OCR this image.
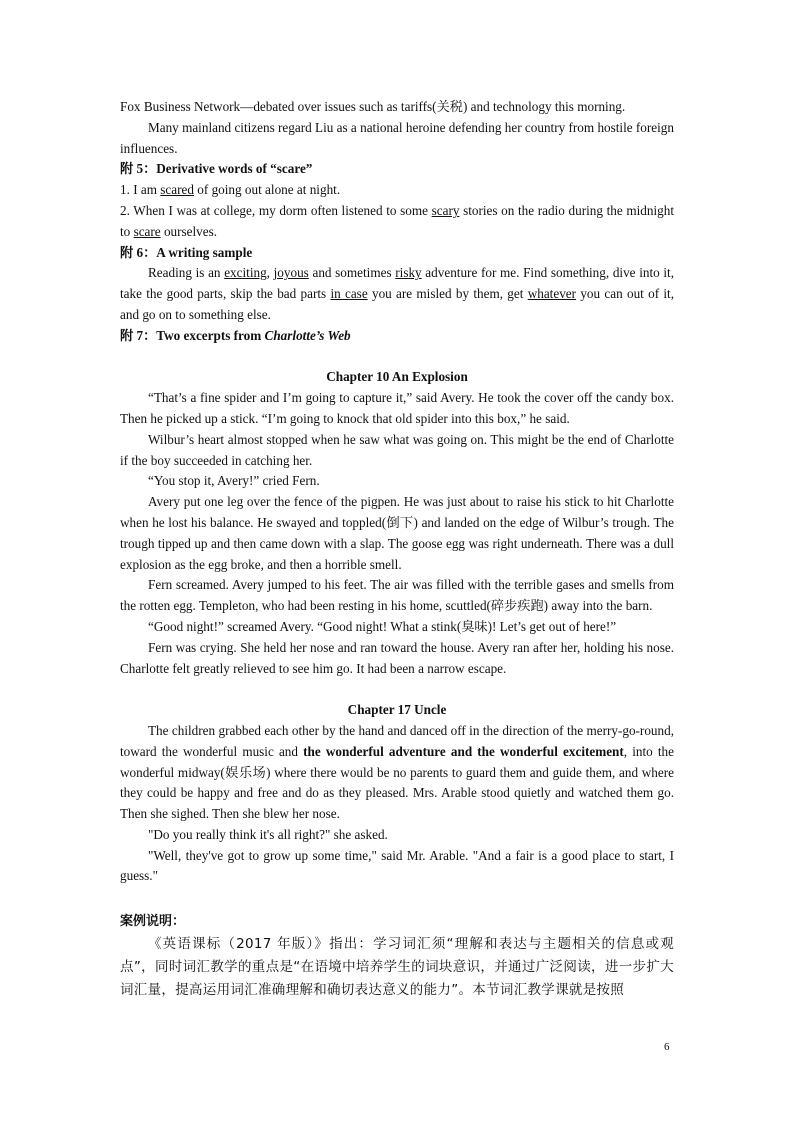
Fox Business Network—debated over issues such as tariffs(关税) and technology this morning.

Many mainland citizens regard Liu as a national heroine defending her country from hostile foreign influences.

附 5：Derivative words of “scare”

1. I am scared of going out alone at night.

2. When I was at college, my dorm often listened to some scary stories on the radio during the midnight to scare ourselves.

附 6：A writing sample

Reading is an exciting, joyous and sometimes risky adventure for me. Find something, dive into it, take the good parts, skip the bad parts in case you are misled by them, get whatever you can out of it, and go on to something else.

附 7：Two excerpts from Charlotte’s Web

Chapter 10 An Explosion

“That’s a fine spider and I’m going to capture it,” said Avery. He took the cover off the candy box. Then he picked up a stick. “I’m going to knock that old spider into this box,” he said.

Wilbur’s heart almost stopped when he saw what was going on. This might be the end of Charlotte if the boy succeeded in catching her.

“You stop it, Avery!” cried Fern.

Avery put one leg over the fence of the pigpen. He was just about to raise his stick to hit Charlotte when he lost his balance. He swayed and toppled(倒下) and landed on the edge of Wilbur’s trough. The trough tipped up and then came down with a slap. The goose egg was right underneath. There was a dull explosion as the egg broke, and then a horrible smell.

Fern screamed. Avery jumped to his feet. The air was filled with the terrible gases and smells from the rotten egg. Templeton, who had been resting in his home, scuttled(碎步疾跑) away into the barn.

“Good night!” screamed Avery. “Good night! What a stink(臭味)! Let’s get out of here!”

Fern was crying. She held her nose and ran toward the house. Avery ran after her, holding his nose. Charlotte felt greatly relieved to see him go. It had been a narrow escape.

Chapter 17 Uncle

The children grabbed each other by the hand and danced off in the direction of the merry-go-round, toward the wonderful music and the wonderful adventure and the wonderful excitement, into the wonderful midway(娱乐场) where there would be no parents to guard them and guide them, and where they could be happy and free and do as they pleased. Mrs. Arable stood quietly and watched them go. Then she sighed. Then she blew her nose.

"Do you really think it's all right?" she asked.

"Well, they've got to grow up some time," said Mr. Arable. "And a fair is a good place to start, I guess."

案例说明：

《英语课标（2017 年版）》指出：学习词汇须“理解和表达与主题相关的信息或观点”，同时词汇教学的重点是“在语境中培养学生的词块意识，并通过广泛阅读，进一步扩大词汇量，提高运用词汇准确理解和确切表达意义的能力”。本节词汇教学课就是按照

6
